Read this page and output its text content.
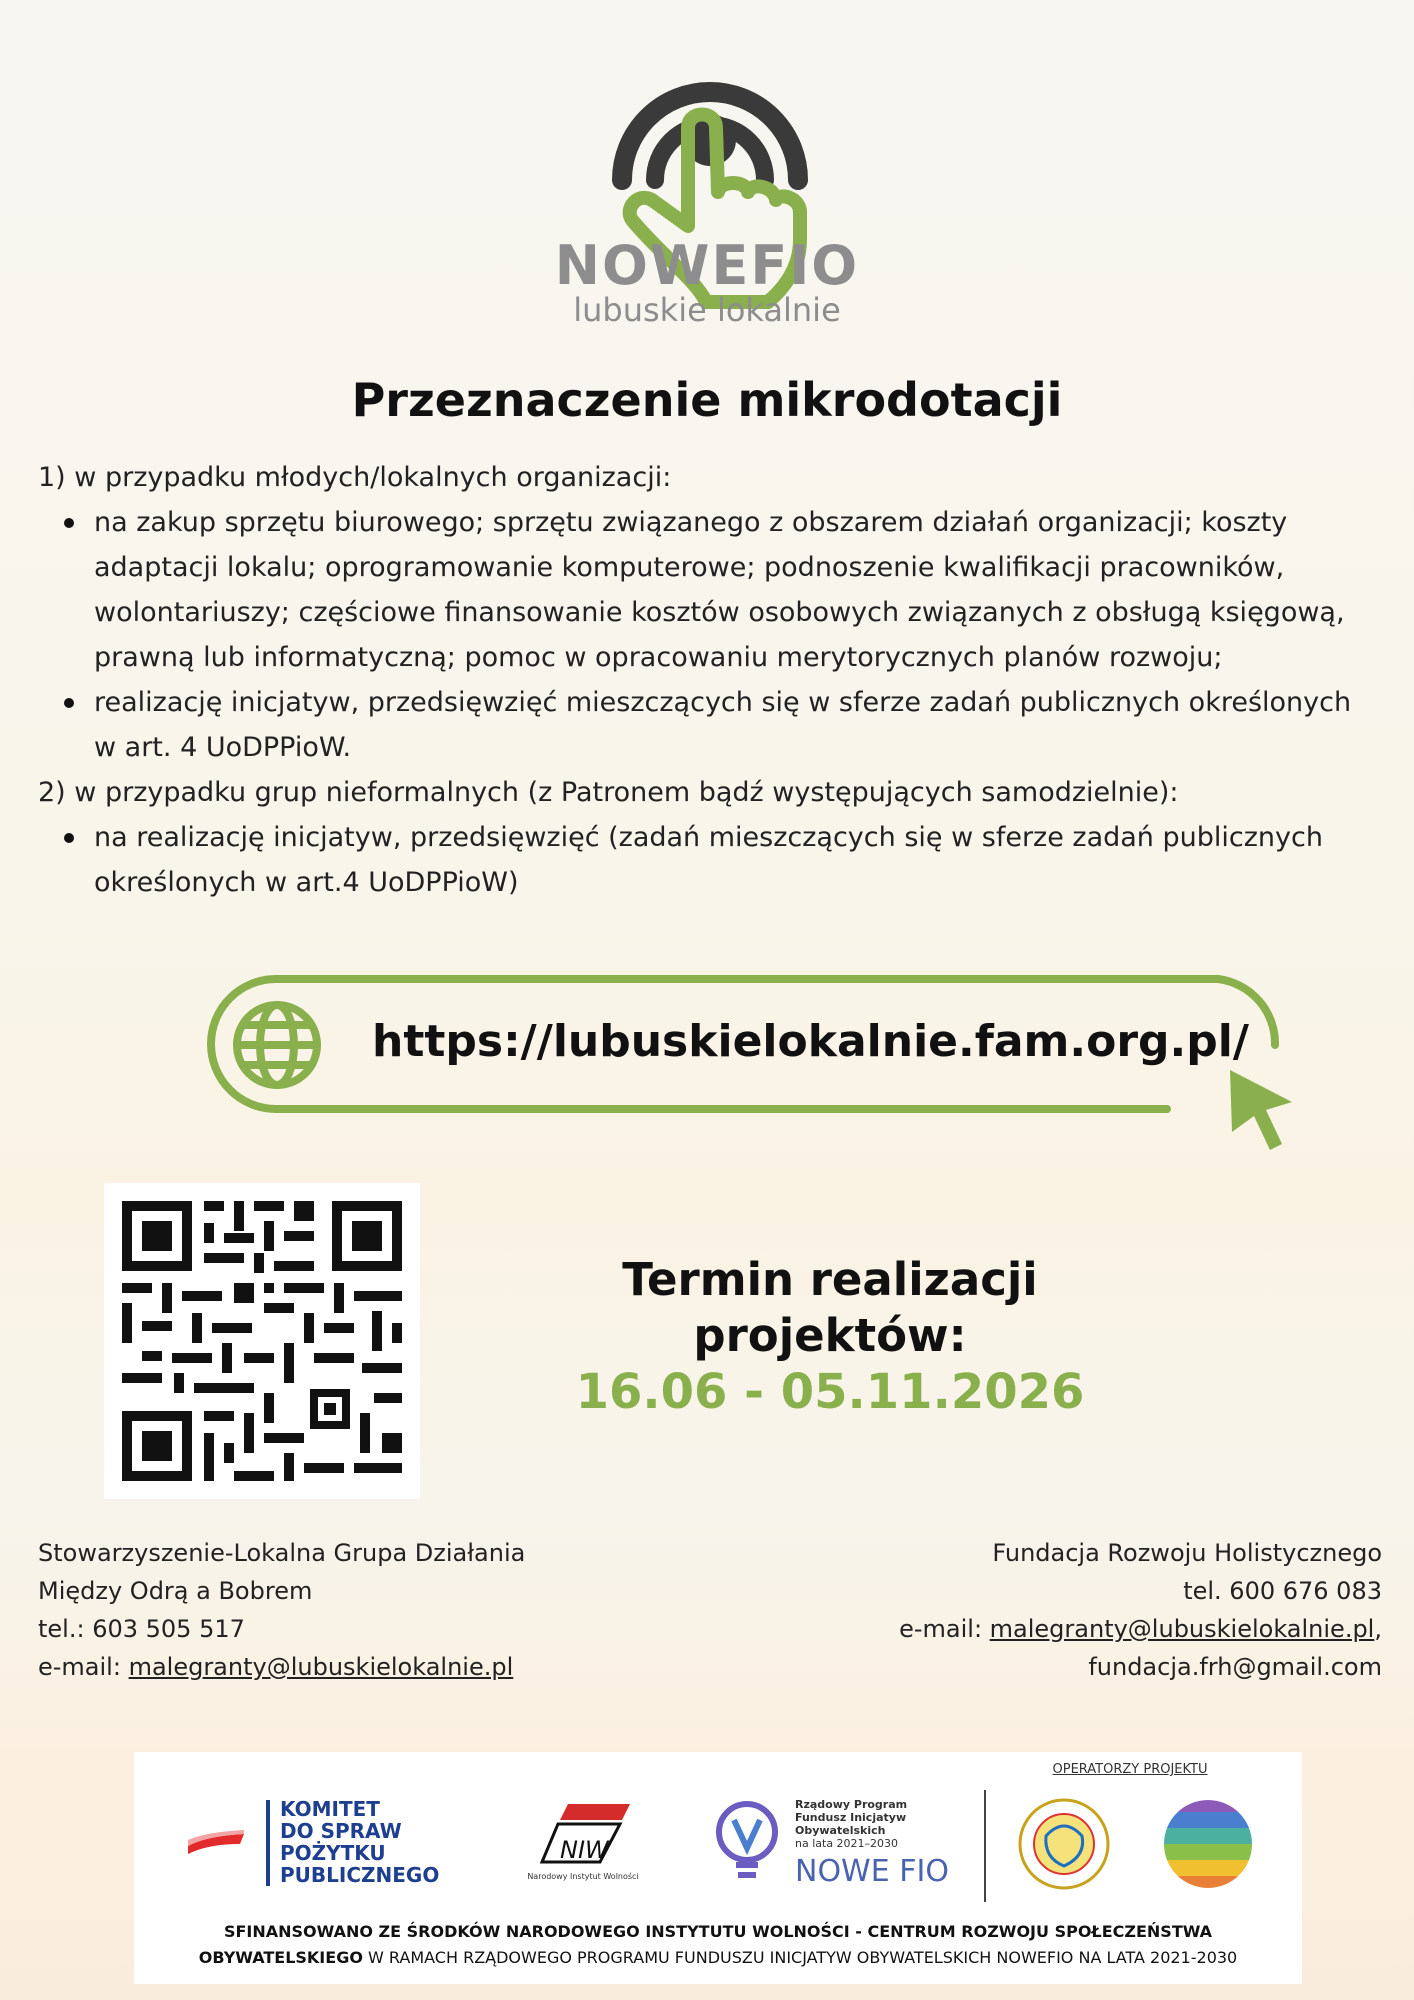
NOWEFIO
lubuskie lokalnie
Przeznaczenie mikrodotacji

1) w przypadku młodych/lokalnych organizacji:

na zakup sprzętu biurowego; sprzętu związanego z obszarem działań organizacji; koszty adaptacji lokalu; oprogramowanie komputerowe; podnoszenie kwalifikacji pracowników, wolontariuszy; częściowe finansowanie kosztów osobowych związanych z obsługą księgową, prawną lub informatyczną; pomoc w opracowaniu merytorycznych planów rozwoju;
realizację inicjatyw, przedsięwzięć mieszczących się w sferze zadań publicznych określonych w art. 4 UoDPPioW.

2) w przypadku grup nieformalnych (z Patronem bądź występujących samodzielnie):

na realizację inicjatyw, przedsięwzięć (zadań mieszczących się w sferze zadań publicznych określonych w art.4 UoDPPioW)
https://lubuskielokalnie.fam.org.pl/
Termin realizacji projektów:
16.06 - 05.11.2026
Stowarzyszenie-Lokalna Grupa Działania
Między Odrą a Bobrem
tel.: 603 505 517
e-mail: malegranty@lubuskielokalnie.pl
Fundacja Rozwoju Holistycznego
tel. 600 676 083
e-mail: malegranty@lubuskielokalnie.pl,
fundacja.frh@gmail.com
OPERATORZY PROJEKTU
KOMITET
DO SPRAW
POŻYTKU
PUBLICZNEGO
NIW
Narodowy Instytut Wolności
Rządowy Program
Fundusz Inicjatyw
Obywatelskich
na lata 2021–2030
NOWE FIO
SFINANSOWANO ZE ŚRODKÓW NARODOWEGO INSTYTUTU WOLNOŚCI - CENTRUM ROZWOJU SPOŁECZEŃSTWA
OBYWATELSKIEGO W RAMACH RZĄDOWEGO PROGRAMU FUNDUSZU INICJATYW OBYWATELSKICH NOWEFIO NA LATA 2021-2030
